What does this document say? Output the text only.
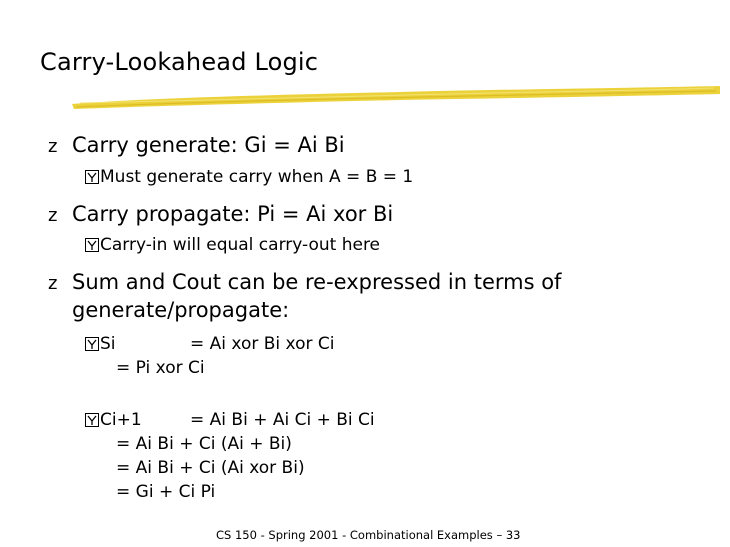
Carry-Lookahead Logic
z Carry generate: Gi = Ai Bi
Must generate carry when A = B = 1
z Carry propagate: Pi = Ai xor Bi
Carry-in will equal carry-out here
z Sum and Cout can be re-expressed in terms of
generate/propagate:
Si	= Ai xor Bi xor Ci
= Pi xor Ci
Ci+1	= Ai Bi + Ai Ci + Bi Ci
= Ai Bi + Ci (Ai + Bi)
= Ai Bi + Ci (Ai xor Bi)
= Gi + Ci Pi
CS 150 - Spring 2001 - Combinational Examples – 33
